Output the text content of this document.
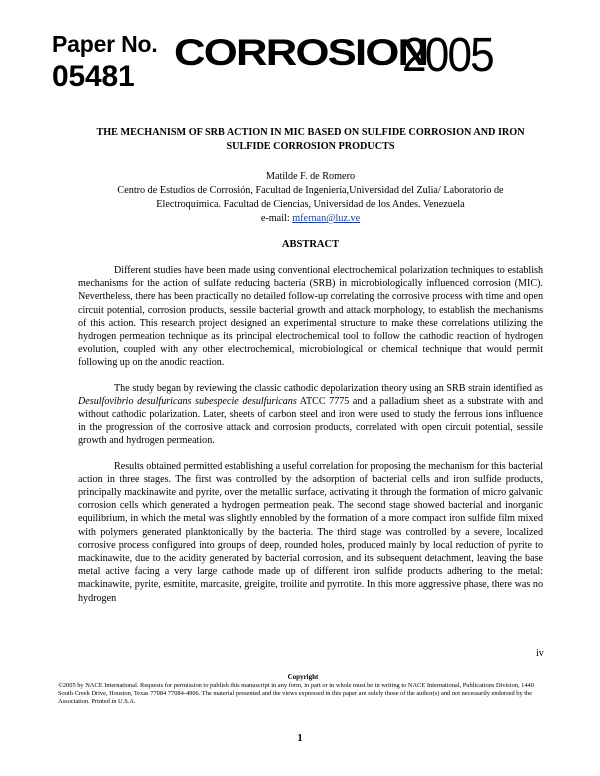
Paper No.
05481
CORROSION
2005

THE MECHANISM OF SRB ACTION IN MIC BASED ON SULFIDE CORROSION AND IRON SULFIDE CORROSION PRODUCTS

Matilde F. de Romero
Centro de Estudios de Corrosión, Facultad de Ingeniería,Universidad del Zulia/ Laboratorio de
Electroquímica. Facultad de Ciencias, Universidad de los Andes. Venezuela
e-mail: mfernan@luz.ve
ABSTRACT

Different studies have been made using conventional electrochemical polarization techniques to establish mechanisms for the action of sulfate reducing bacteria (SRB) in microbiologically influenced corrosion (MIC). Nevertheless, there has been practically no detailed follow-up correlating the corrosive process with time and open circuit potential, corrosion products, sessile bacterial growth and attack morphology, to establish the mechanisms of this action. This research project designed an experimental structure to make these correlations utilizing the hydrogen permeation technique as its principal electrochemical tool to follow the cathodic reaction of hydrogen evolution, coupled with any other electrochemical, microbiological or chemical technique that would permit following up on the anodic reaction.

The study began by reviewing the classic cathodic depolarization theory using an SRB strain identified as Desulfovibrio desulfuricans subespecie desulfuricans ATCC 7775 and a palladium sheet as a substrate with and without cathodic polarization. Later, sheets of carbon steel and iron were used to study the ferrous ions influence in the progression of the corrosive attack and corrosion products, correlated with open circuit potential, sessile growth and hydrogen permeation.

Results obtained permitted establishing a useful correlation for proposing the mechanism for this bacterial action in three stages. The first was controlled by the adsorption of bacterial cells and iron sulfide products, principally mackinawite and pyrite, over the metallic surface, activating it through the formation of micro galvanic corrosion cells which generated a hydrogen permeation peak. The second stage showed bacterial and inorganic equilibrium, in which the metal was slightly ennobled by the formation of a more compact iron sulfide film mixed with polymers generated planktonically by the bacteria. The third stage was controlled by a severe, localized corrosive process configured into groups of deep, rounded holes, produced mainly by local reduction of pyrite to mackinawite, due to the acidity generated by bacterial corrosion, and its subsequent detachment, leaving the base metal active facing a very large cathode made up of different iron sulfide products adhering to the metal: mackinawite, pyrite, esmitite, marcasite, greigite, troilite and pyrrotite. In this more aggressive phase, there was no hydrogen

iv
Copyright
©2005 by NACE International. Requests for permission to publish this manuscript in any form, in part or in whole must be in writing to NACE International, Publications Division, 1440 South Creek Drive, Houston, Texas 77084 77084-4906. The material presented and the views expressed in this paper are solely those of the author(s) and not necessarily endorsed by the Association. Printed in U.S.A.
1
